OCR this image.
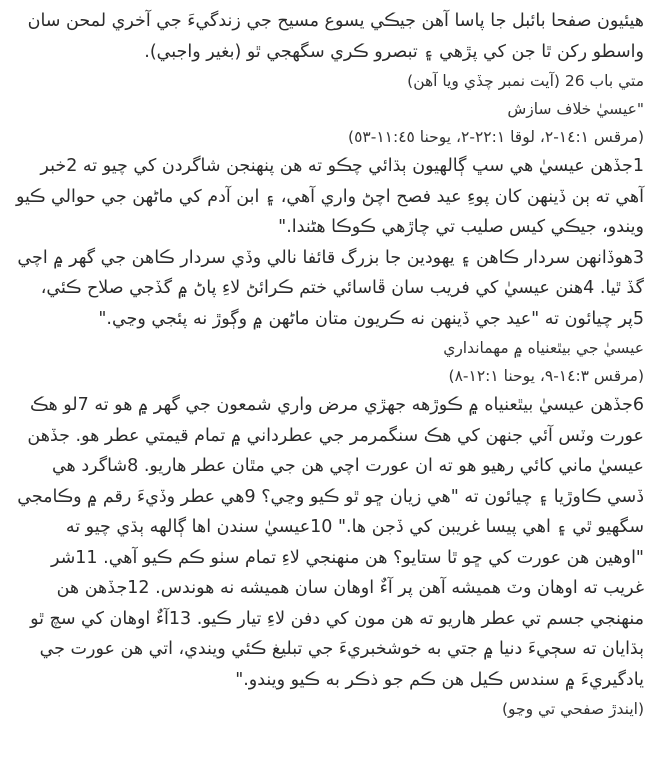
هيئيون صفحا بائبل جا پاسا آهن جيڪي يسوع مسيح جي زندگيءَ جي آخري لمحن سان واسطو رکن ٿا جن کي پڙهي ۽ تبصرو ڪري سگهجي ٿو (بغير واجبي).

متي باب 26 (آيت نمبر چڏي ويا آهن)

"عيسيٰ خلاف سازش

(مرقس ١٤:١-٢، لوقا ٢٢:١-٢، يوحنا ١١:٤٥-٥٣)

1جڏهن عيسيٰ هي سڀ ڳالهيون ٻڌائي چڪو ته هن پنهنجن شاگردن کي چيو ته 2خبر آهي ته ٻن ڏينهن کان پوءِ عيد فصح اچڻ واري آهي، ۽ ابن آدم کي ماڻهن جي حوالي ڪيو ويندو، جيڪي کيس صليب تي چاڙهي ڪوڪا هڻندا."

3هوڏانهن سردار ڪاهن ۽ يهودين جا بزرگ قائفا نالي وڏي سردار ڪاهن جي گهر ۾ اچي گڏ ٿيا. 4هنن عيسيٰ کي فريب سان ڦاسائي ختم ڪرائڻ لاءِ پاڻ ۾ گڏجي صلاح ڪئي، 5پر چيائون ته "عيد جي ڏينهن نه ڪريون متان ماڻهن ۾ وڳوڙ نه پئجي وڃي."

عيسيٰ جي بيٿعنياه ۾ مهمانداري

(مرقس ١٤:٣-٩، يوحنا ١٢:١-٨)

6جڏهن عيسيٰ بيٿعنياه ۾ ڪوڙهه جهڙي مرض واري شمعون جي گهر ۾ هو ته 7لو هڪ عورت وٽس آئي جنهن کي هڪ سنگمرمر جي عطرداني ۾ تمام قيمتي عطر هو. جڏهن عيسيٰ ماني کائي رهيو هو ته ان عورت اچي هن جي مٿان عطر هاريو. 8شاگرد هي ڏسي ڪاوڙيا ۽ چيائون ته "هي زيان ڇو ٿو ڪيو وڃي؟ 9هي عطر وڏيءَ رقم ۾ وڪامجي سگهيو ٿي ۽ اهي پيسا غريبن کي ڏجن ها." 10عيسيٰ سندن اها ڳالهه ٻڌي چيو ته "اوهين هن عورت کي ڇو ٿا ستايو؟ هن منهنجي لاءِ تمام سٺو ڪم ڪيو آهي. 11شر غريب ته اوهان وٽ هميشه آهن پر آءٌ اوهان سان هميشه نه هوندس. 12جڏهن هن منهنجي جسم تي عطر هاريو ته هن مون کي دفن لاءِ تيار ڪيو. 13آءٌ اوهان کي سچ ٿو ٻڌايان ته سڄيءَ دنيا ۾ جتي به خوشخبريءَ جي تبليغ ڪئي ويندي، اتي هن عورت جي يادگيريءَ ۾ سندس ڪيل هن ڪم جو ذڪر به ڪيو ويندو."

(ايندڙ صفحي تي وڃو)
